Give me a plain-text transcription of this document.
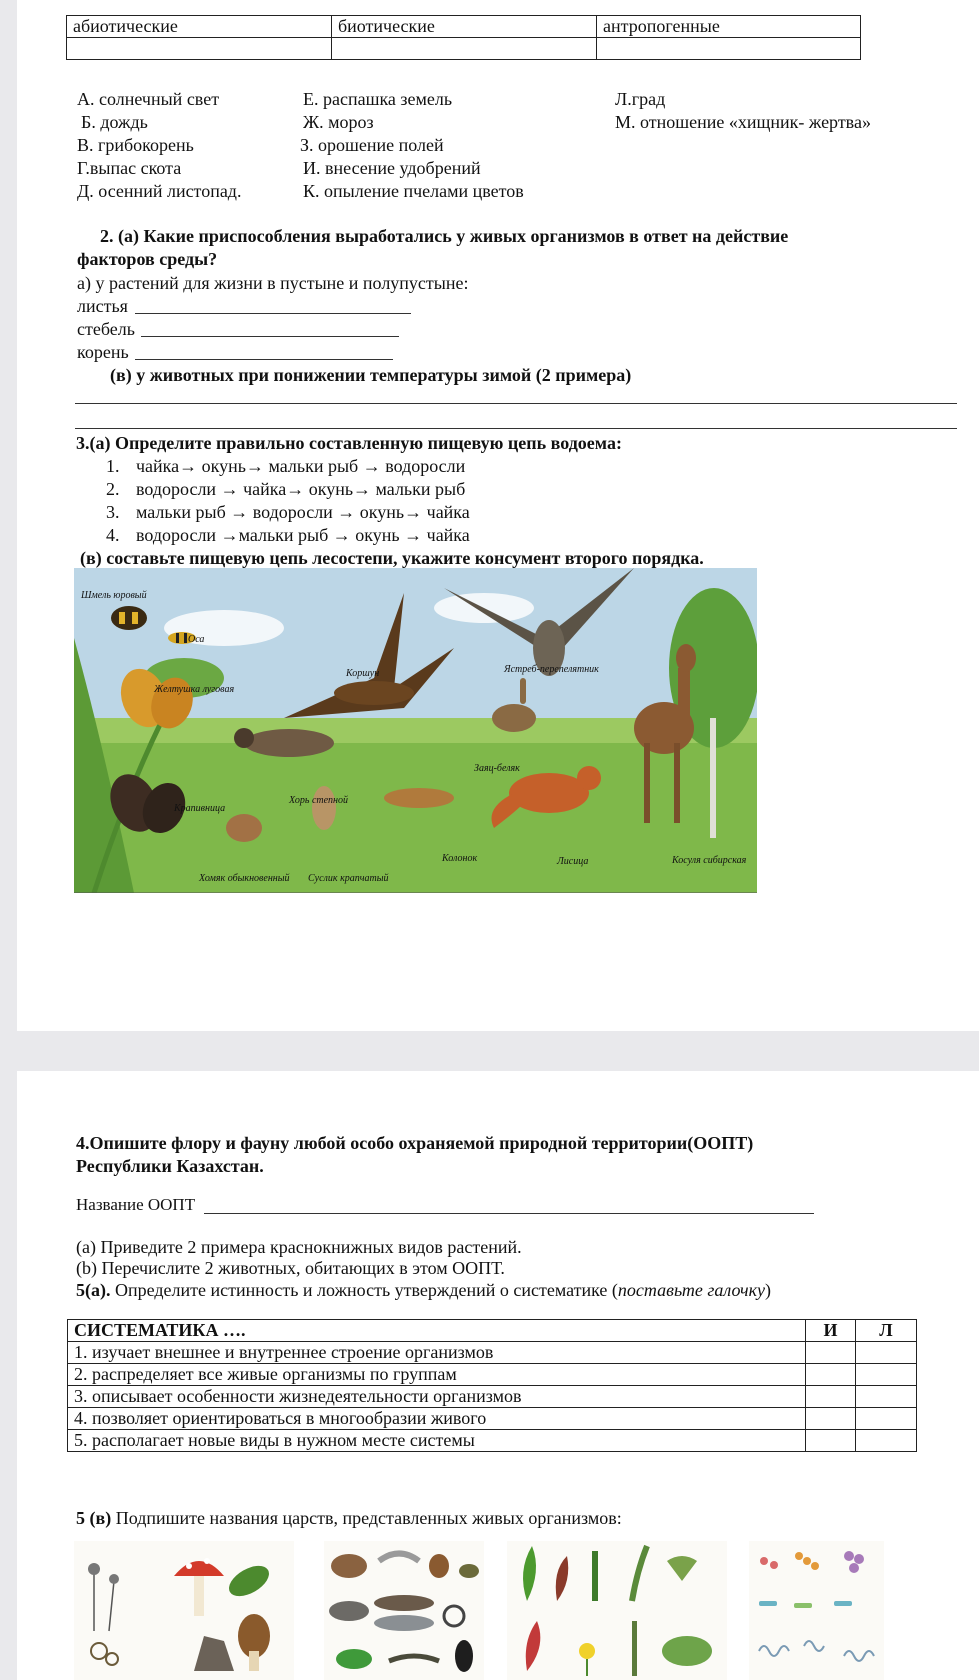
абиотические	биотические	антропогенные

А. солнечный свет
Б. дождь
В. грибокорень
Г.выпас скота
Д. осенний листопад.
Е. распашка земель
Ж. мороз
З. орошение полей
И. внесение удобрений
К. опыление пчелами цветов
Л.град
М. отношение «хищник- жертва»
2. (а) Какие приспособления выработались у живых организмов в ответ на действие
факторов среды?
а) у растений для жизни в пустыне и полупустыне:
листья
стебель
корень
(в) у животных при понижении температуры зимой (2 примера)
3.(а) Определите правильно составленную пищевую цепь водоема:
1. чайка→ окунь→ мальки рыб → водоросли
2. водоросли → чайка→ окунь→ мальки рыб
3. мальки рыб → водоросли → окунь→ чайка
4. водоросли →мальки рыб → окунь → чайка
(в) составьте пищевую цепь лесостепи, укажите консумент второго порядка.
Шмель юровый
Оса
Желтушка луговая
Коршун	Ястреб-перепелятник
Заяц-беляк
Хорь степной
Крапивница
Хомяк обыкновенный Суслик крапчатый
Колонок	Лисица	Косуля сибирская
4.Опишите флору и фауну любой особо охраняемой природной территории(ООПТ)
Республики Казахстан.
Название ООПТ
(а) Приведите 2 примера краснокнижных видов растений.
(b) Перечислите 2 животных, обитающих в этом ООПТ.
5(а). Определите истинность и ложность утверждений о систематике (поставьте галочку)
СИСТЕМАТИКА ….	И	Л
1. изучает внешнее и внутреннее строение организмов		
2. распределяет все живые организмы по группам		
3. описывает особенности жизнедеятельности организмов		
4. позволяет ориентироваться в многообразии живого		
5. располагает новые виды в нужном месте системы		
5 (в) Подпишите названия царств, представленных живых организмов:
